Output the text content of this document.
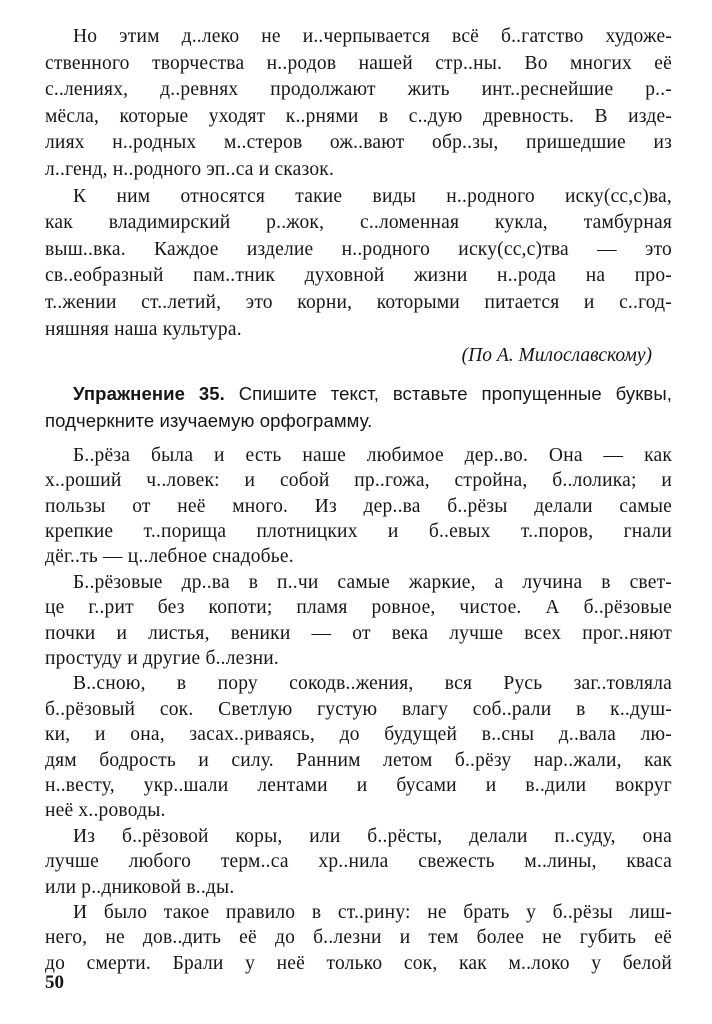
Но этим д..леко не и..черпывается всё б..гатство художе-
ственного творчества н..родов нашей стр..ны. Во многих её
с..лениях, д..ревнях продолжают жить инт..реснейшие р..-
мёсла, которые уходят к..рнями в с..дую древность. В изде-
лиях н..родных м..стеров ож..вают обр..зы, пришедшие из
л..генд, н..родного эп..са и сказок.
К ним относятся такие виды н..родного иску(сс,с)ва,
как владимирский р..жок, с..ломенная кукла, тамбурная
выш..вка. Каждое изделие н..родного иску(сс,с)тва — это
св..еобразный пам..тник духовной жизни н..рода на про-
т..жении ст..летий, это корни, которыми питается и с..год-
няшняя наша культура.
(По А. Милославскому)
Упражнение 35. Спишите текст, вставьте пропущенные буквы,
подчеркните изучаемую орфограмму.
Б..рёза была и есть наше любимое дер..во. Она — как
х..роший ч..ловек: и собой пр..гожа, стройна, б..лолика; и
пользы от неё много. Из дер..ва б..рёзы делали самые
крепкие т..порища плотницких и б..евых т..поров, гнали
дёг..ть — ц..лебное снадобье.
Б..рёзовые др..ва в п..чи самые жаркие, а лучина в свет-
це г..рит без копоти; пламя ровное, чистое. А б..рёзовые
почки и листья, веники — от века лучше всех прог..няют
простуду и другие б..лезни.
В..сною, в пору сокодв..жения, вся Русь заг..товляла
б..рёзовый сок. Светлую густую влагу соб..рали в к..душ-
ки, и она, засах..риваясь, до будущей в..сны д..вала лю-
дям бодрость и силу. Ранним летом б..рёзу нар..жали, как
н..весту, укр..шали лентами и бусами и в..дили вокруг
неё х..роводы.
Из б..рёзовой коры, или б..рёсты, делали п..суду, она
лучше любого терм..са хр..нила свежесть м..лины, кваса
или р..дниковой в..ды.
И было такое правило в ст..рину: не брать у б..рёзы лиш-
него, не дов..дить её до б..лезни и тем более не губить её
до смерти. Брали у неё только сок, как м..локо у белой
50
